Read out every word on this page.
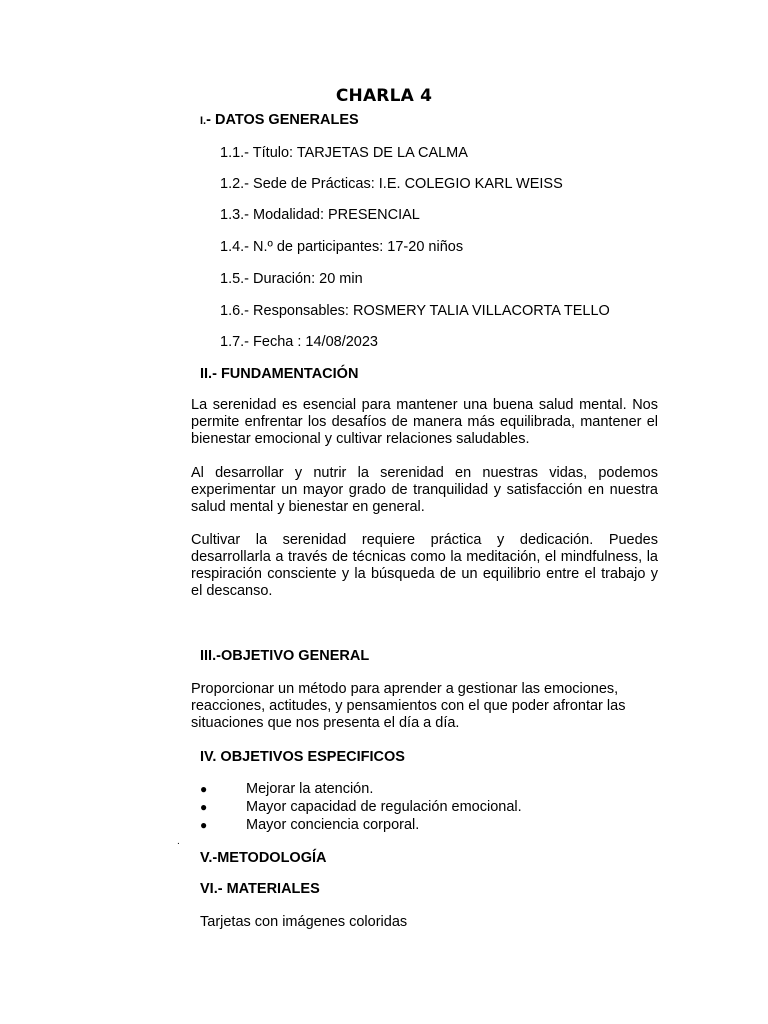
CHARLA 4
I.- DATOS GENERALES
1.1.- Título: TARJETAS DE LA CALMA
1.2.- Sede de Prácticas: I.E. COLEGIO KARL WEISS
1.3.- Modalidad: PRESENCIAL
1.4.- N.º de participantes: 17-20 niños
1.5.- Duración: 20 min
1.6.- Responsables: ROSMERY TALIA VILLACORTA TELLO
1.7.- Fecha : 14/08/2023
II.- FUNDAMENTACIÓN
La serenidad es esencial para mantener una buena salud mental. Nos permite enfrentar los desafíos de manera más equilibrada, mantener el bienestar emocional y cultivar relaciones saludables.
Al desarrollar y nutrir la serenidad en nuestras vidas, podemos experimentar un mayor grado de tranquilidad y satisfacción en nuestra salud mental y bienestar en general.
Cultivar la serenidad requiere práctica y dedicación. Puedes desarrollarla a través de técnicas como la meditación, el mindfulness, la respiración consciente y la búsqueda de un equilibrio entre el trabajo y el descanso.
III.-OBJETIVO GENERAL
Proporcionar un método para aprender a gestionar las emociones, reacciones, actitudes, y pensamientos con el que poder afrontar las situaciones que nos presenta el día a día.
IV. OBJETIVOS ESPECIFICOS
●	Mejorar la atención.
●	Mayor capacidad de regulación emocional.
●	Mayor conciencia corporal.
.
V.-METODOLOGÍA
VI.- MATERIALES
Tarjetas con imágenes coloridas
